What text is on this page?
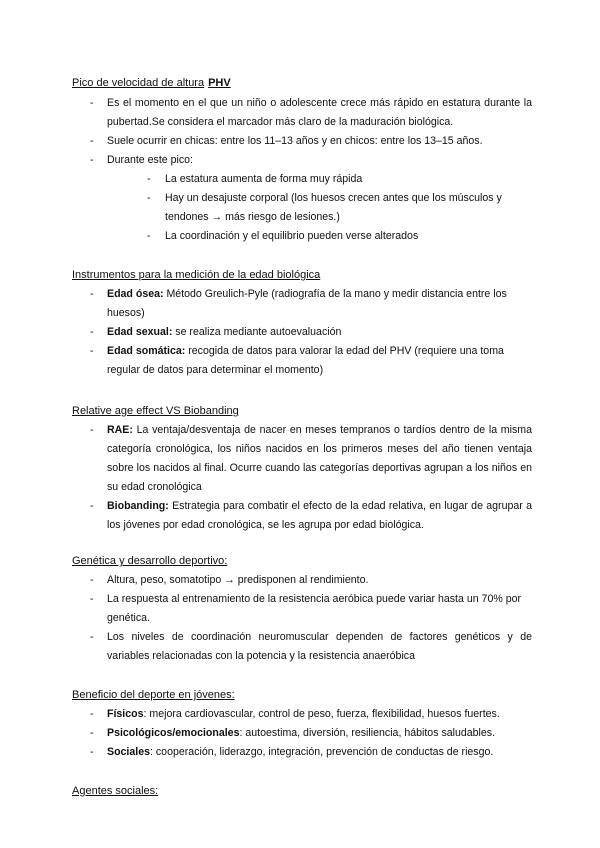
Pico de velocidad de altura PHV

- Es el momento en el que un niño o adolescente crece más rápido en estatura durante la pubertad.Se considera el marcador más claro de la maduración biológica.
- Suele ocurrir en chicas: entre los 11–13 años y en chicos: entre los 13–15 años.
- Durante este pico:
- La estatura aumenta de forma muy rápida
- Hay un desajuste corporal (los huesos crecen antes que los músculos y tendones → más riesgo de lesiones.)
- La coordinación y el equilibrio pueden verse alterados

Instrumentos para la medición de la edad biológica

- Edad ósea: Método Greulich-Pyle (radiografía de la mano y medir distancia entre los huesos)
- Edad sexual: se realiza mediante autoevaluación
- Edad somática: recogida de datos para valorar la edad del PHV (requiere una toma regular de datos para determinar el momento)

Relative age effect VS Biobanding

- RAE: La ventaja/desventaja de nacer en meses tempranos o tardíos dentro de la misma categoría cronológica, los niños nacidos en los primeros meses del año tienen ventaja sobre los nacidos al final. Ocurre cuando las categorías deportivas agrupan a los niños en su edad cronológica
- Biobanding: Estrategia para combatir el efecto de la edad relativa, en lugar de agrupar a los jóvenes por edad cronológica, se les agrupa por edad biológica.

Genética y desarrollo deportivo:

- Altura, peso, somatotipo → predisponen al rendimiento.
- La respuesta al entrenamiento de la resistencia aeróbica puede variar hasta un 70% por genética.
- Los niveles de coordinación neuromuscular dependen de factores genéticos y de variables relacionadas con la potencia y la resistencia anaeróbica

Beneficio del deporte en jóvenes:

- Físicos: mejora cardiovascular, control de peso, fuerza, flexibilidad, huesos fuertes.
- Psicológicos/emocionales: autoestima, diversión, resiliencia, hábitos saludables.
- Sociales: cooperación, liderazgo, integración, prevención de conductas de riesgo.

Agentes sociales:
